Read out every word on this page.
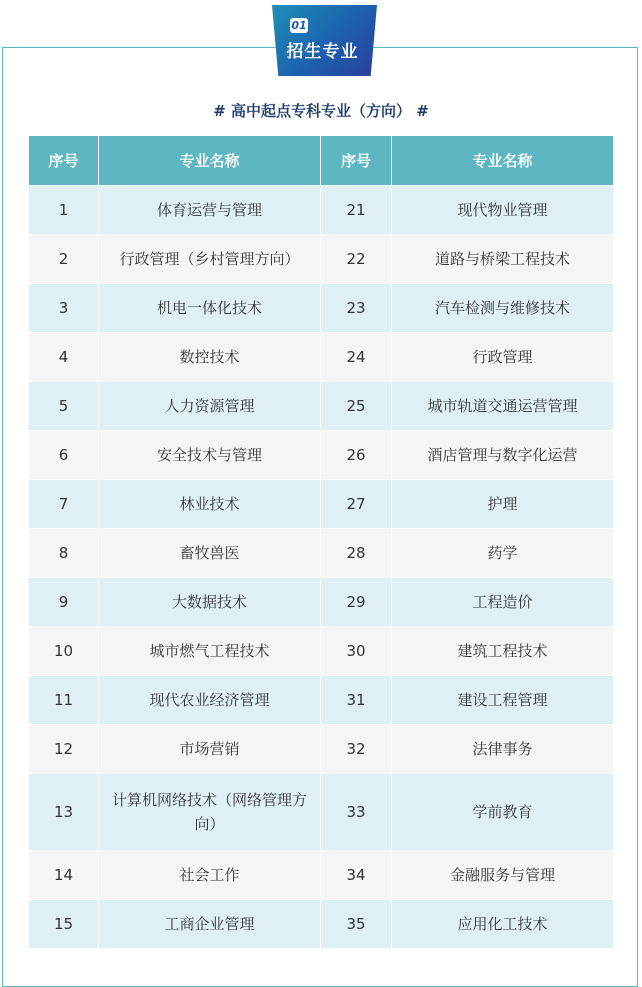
01
招生专业
# 高中起点专科专业（方向） #
序号	专业名称	序号	专业名称
1	体育运营与管理	21	现代物业管理
2	行政管理（乡村管理方向）	22	道路与桥梁工程技术
3	机电一体化技术	23	汽车检测与维修技术
4	数控技术	24	行政管理
5	人力资源管理	25	城市轨道交通运营管理
6	安全技术与管理	26	酒店管理与数字化运营
7	林业技术	27	护理
8	畜牧兽医	28	药学
9	大数据技术	29	工程造价
10	城市燃气工程技术	30	建筑工程技术
11	现代农业经济管理	31	建设工程管理
12	市场营销	32	法律事务
13	计算机网络技术（网络管理方向）	33	学前教育
14	社会工作	34	金融服务与管理
15	工商企业管理	35	应用化工技术
